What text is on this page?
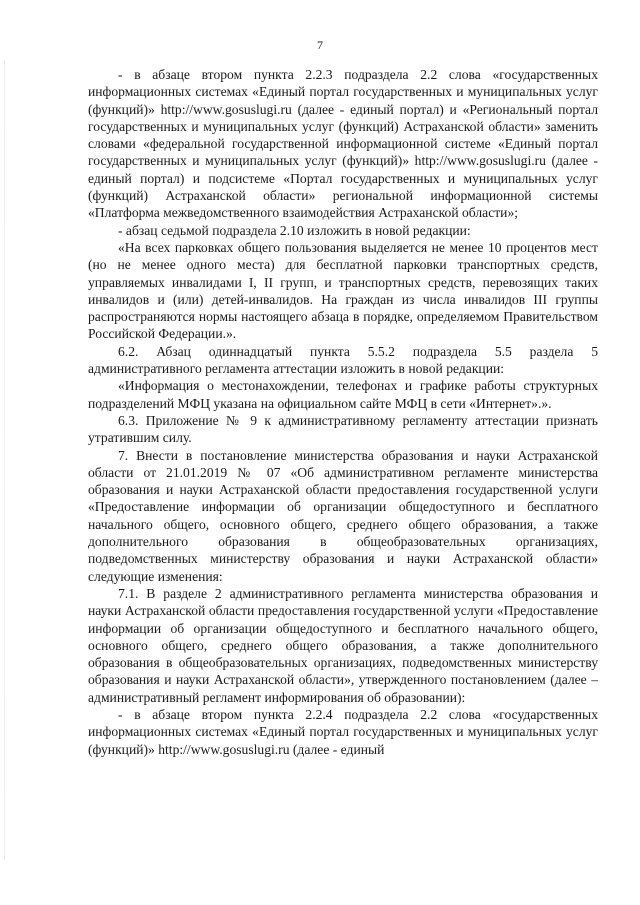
7

- в абзаце втором пункта 2.2.3 подраздела 2.2 слова «государственных информационных системах «Единый портал государственных и муниципальных услуг (функций)» http://www.gosuslugi.ru (далее - единый портал) и «Региональный портал государственных и муниципальных услуг (функций) Астраханской области» заменить словами «федеральной государственной информационной системе «Единый портал государственных и муниципальных услуг (функций)» http://www.gosuslugi.ru (далее - единый портал) и подсистеме «Портал государственных и муниципальных услуг (функций) Астраханской области» региональной информационной системы «Платформа межведомственного взаимодействия Астраханской области»;

- абзац седьмой подраздела 2.10 изложить в новой редакции:

«На всех парковках общего пользования выделяется не менее 10 процентов мест (но не менее одного места) для бесплатной парковки транспортных средств, управляемых инвалидами I, II групп, и транспортных средств, перевозящих таких инвалидов и (или) детей-инвалидов. На граждан из числа инвалидов III группы распространяются нормы настоящего абзаца в порядке, определяемом Правительством Российской Федерации.».

6.2. Абзац одиннадцатый пункта 5.5.2 подраздела 5.5 раздела 5 административного регламента аттестации изложить в новой редакции:

«Информация о местонахождении, телефонах и графике работы структурных подразделений МФЦ указана на официальном сайте МФЦ в сети «Интернет».».

6.3. Приложение № 9 к административному регламенту аттестации признать утратившим силу.

7. Внести в постановление министерства образования и науки Астраханской области от 21.01.2019 № 07 «Об административном регламенте министерства образования и науки Астраханской области предоставления государственной услуги «Предоставление информации об организации общедоступного и бесплатного начального общего, основного общего, среднего общего образования, а также дополнительного образования в общеобразовательных организациях, подведомственных министерству образования и науки Астраханской области» следующие изменения:

7.1. В разделе 2 административного регламента министерства образования и науки Астраханской области предоставления государственной услуги «Предоставление информации об организации общедоступного и бесплатного начального общего, основного общего, среднего общего образования, а также дополнительного образования в общеобразовательных организациях, подведомственных министерству образования и науки Астраханской области», утвержденного постановлением (далее – административный регламент информирования об образовании):

- в абзаце втором пункта 2.2.4 подраздела 2.2 слова «государственных информационных системах «Единый портал государственных и муниципальных услуг (функций)» http://www.gosuslugi.ru (далее - единый
